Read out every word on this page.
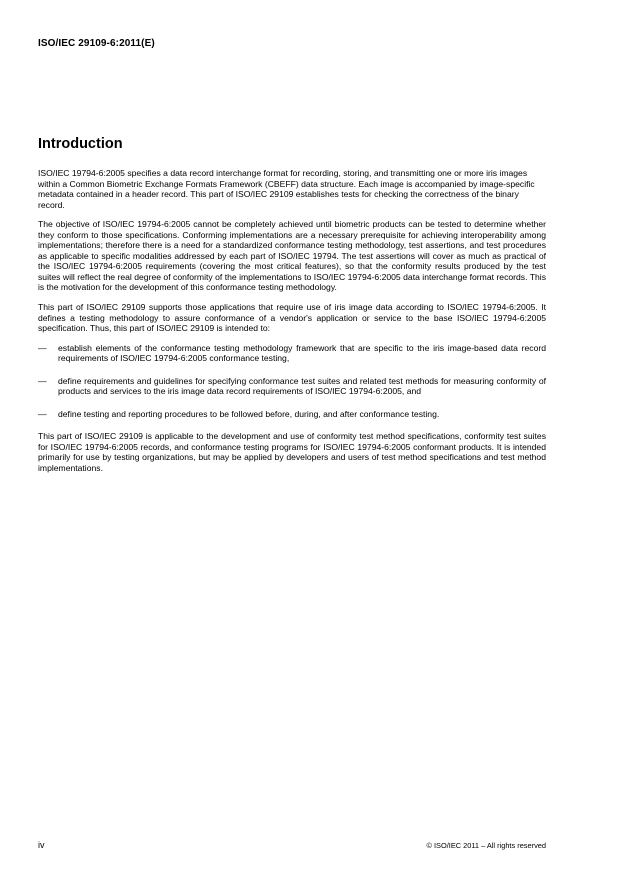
ISO/IEC 29109-6:2011(E)
Introduction

ISO/IEC 19794-6:2005 specifies a data record interchange format for recording, storing, and transmitting one or more iris images within a Common Biometric Exchange Formats Framework (CBEFF) data structure. Each image is accompanied by image-specific metadata contained in a header record. This part of ISO/IEC 29109 establishes tests for checking the correctness of the binary record.

The objective of ISO/IEC 19794-6:2005 cannot be completely achieved until biometric products can be tested to determine whether they conform to those specifications. Conforming implementations are a necessary prerequisite for achieving interoperability among implementations; therefore there is a need for a standardized conformance testing methodology, test assertions, and test procedures as applicable to specific modalities addressed by each part of ISO/IEC 19794. The test assertions will cover as much as practical of the ISO/IEC 19794-6:2005 requirements (covering the most critical features), so that the conformity results produced by the test suites will reflect the real degree of conformity of the implementations to ISO/IEC 19794-6:2005 data interchange format records. This is the motivation for the development of this conformance testing methodology.

This part of ISO/IEC 29109 supports those applications that require use of iris image data according to ISO/IEC 19794-6:2005. It defines a testing methodology to assure conformance of a vendor's application or service to the base ISO/IEC 19794-6:2005 specification. Thus, this part of ISO/IEC 29109 is intended to:

— establish elements of the conformance testing methodology framework that are specific to the iris image-based data record requirements of ISO/IEC 19794-6:2005 conformance testing,
— define requirements and guidelines for specifying conformance test suites and related test methods for measuring conformity of products and services to the iris image data record requirements of ISO/IEC 19794-6:2005, and
— define testing and reporting procedures to be followed before, during, and after conformance testing.

This part of ISO/IEC 29109 is applicable to the development and use of conformity test method specifications, conformity test suites for ISO/IEC 19794-6:2005 records, and conformance testing programs for ISO/IEC 19794-6:2005 conformant products. It is intended primarily for use by testing organizations, but may be applied by developers and users of test method specifications and test method implementations.

iv	© ISO/IEC 2011 – All rights reserved
